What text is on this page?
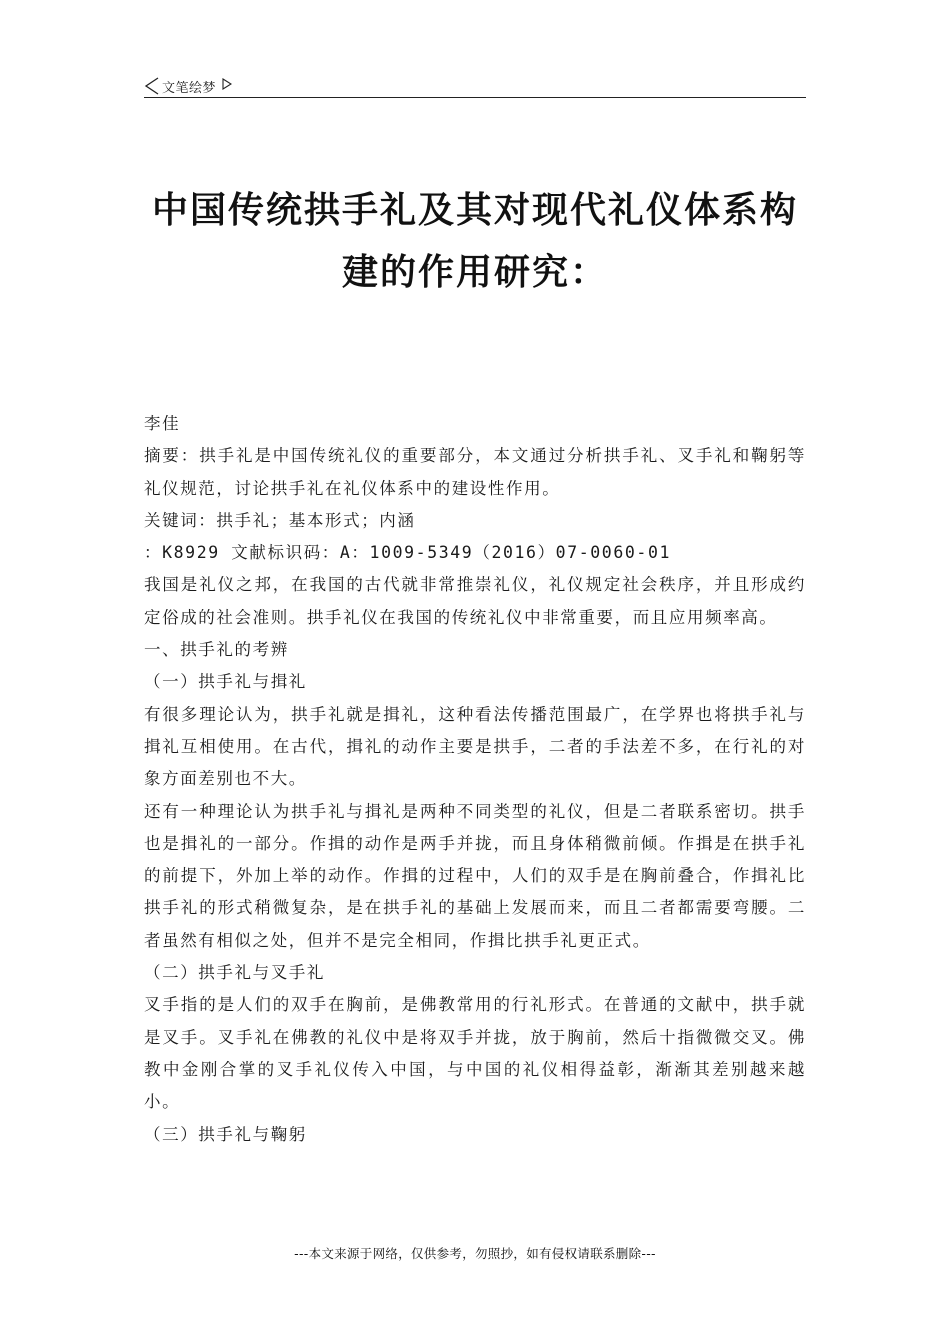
文笔绘梦
中国传统拱手礼及其对现代礼仪体系构
建的作用研究：

李佳

摘要：拱手礼是中国传统礼仪的重要部分，本文通过分析拱手礼、叉手礼和鞠躬等礼仪规范，讨论拱手礼在礼仪体系中的建设性作用。

关键词：拱手礼；基本形式；内涵

：K8929 文献标识码：A：1009-5349（2016）07-0060-01

我国是礼仪之邦，在我国的古代就非常推崇礼仪，礼仪规定社会秩序，并且形成约定俗成的社会准则。拱手礼仪在我国的传统礼仪中非常重要，而且应用频率高。

一、拱手礼的考辨

（一）拱手礼与揖礼

有很多理论认为，拱手礼就是揖礼，这种看法传播范围最广，在学界也将拱手礼与揖礼互相使用。在古代，揖礼的动作主要是拱手，二者的手法差不多，在行礼的对象方面差别也不大。

还有一种理论认为拱手礼与揖礼是两种不同类型的礼仪，但是二者联系密切。拱手也是揖礼的一部分。作揖的动作是两手并拢，而且身体稍微前倾。作揖是在拱手礼的前提下，外加上举的动作。作揖的过程中，人们的双手是在胸前叠合，作揖礼比拱手礼的形式稍微复杂，是在拱手礼的基础上发展而来，而且二者都需要弯腰。二者虽然有相似之处，但并不是完全相同，作揖比拱手礼更正式。

（二）拱手礼与叉手礼

叉手指的是人们的双手在胸前，是佛教常用的行礼形式。在普通的文献中，拱手就是叉手。叉手礼在佛教的礼仪中是将双手并拢，放于胸前，然后十指微微交叉。佛教中金刚合掌的叉手礼仪传入中国，与中国的礼仪相得益彰，渐渐其差别越来越小。

（三）拱手礼与鞠躬

---本文来源于网络，仅供参考，勿照抄，如有侵权请联系删除---
